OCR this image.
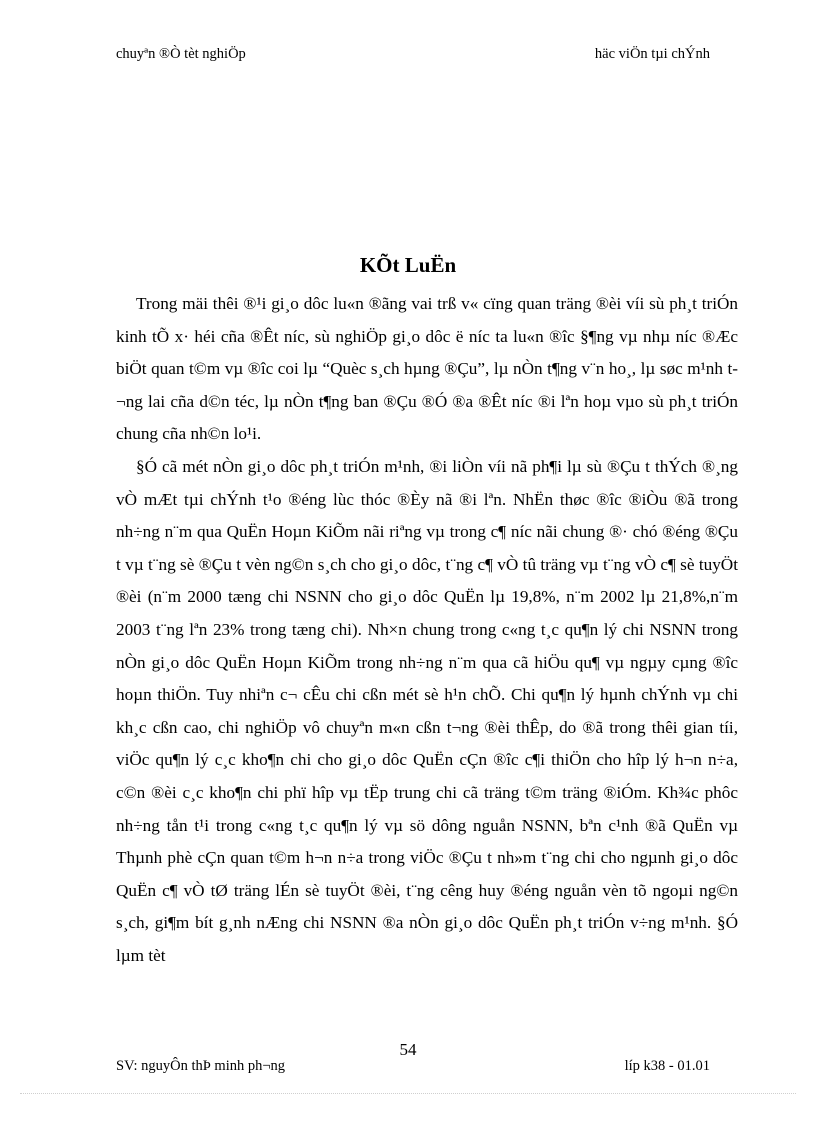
chuyªn ®Ò tèt nghiÖp	häc viÖn tµi chÝnh
KÕt LuËn

Trong mäi thêi ®¹i gi¸o dôc lu«n ®ãng vai trß v« cïng quan träng ®èi víi sù ph¸t triÓn kinh tÕ x· héi cña ®Êt níc, sù nghiÖp gi¸o dôc ë níc ta lu«n ®îc §¶ng vµ nhµ níc ®Æc biÖt quan t©m vµ ®îc coi lµ “Quèc s¸ch hµng ®Çu”, lµ nÒn t¶ng v¨n ho¸, lµ søc m¹nh t¬ng lai cña d©n téc, lµ nÒn t¶ng ban ®Çu ®Ó ®a ®Êt níc ®i lªn hoµ vµo sù ph¸t triÓn chung cña nh©n lo¹i.

§Ó cã mét nÒn gi¸o dôc ph¸t triÓn m¹nh, ®i liÒn víi nã ph¶i lµ sù ®Çu t thÝch ®¸ng vÒ mÆt tµi chÝnh t¹o ®éng lùc thóc ®Èy nã ®i lªn. NhËn thøc ®îc ®iÒu ®ã trong nh÷ng n¨m qua QuËn Hoµn KiÕm nãi riªng vµ trong c¶ níc nãi chung ®· chó ®éng ®Çu t vµ t¨ng sè ®Çu t vèn ng©n s¸ch cho gi¸o dôc, t¨ng c¶ vÒ tû träng vµ t¨ng vÒ c¶ sè tuyÖt ®èi (n¨m 2000 tæng chi NSNN cho gi¸o dôc QuËn lµ 19,8%, n¨m 2002 lµ 21,8%,n¨m 2003 t¨ng lªn 23% trong tæng chi). Nh×n chung trong c«ng t¸c qu¶n lý chi NSNN trong nÒn gi¸o dôc QuËn Hoµn KiÕm trong nh÷ng n¨m qua cã hiÖu qu¶ vµ ngµy cµng ®îc hoµn thiÖn. Tuy nhiªn c¬ cÊu chi cßn mét sè h¹n chÕ. Chi qu¶n lý hµnh chÝnh vµ chi kh¸c cßn cao, chi nghiÖp vô chuyªn m«n cßn t¬ng ®èi thÊp, do ®ã trong thêi gian tíi, viÖc qu¶n lý c¸c kho¶n chi cho gi¸o dôc QuËn cÇn ®îc c¶i thiÖn cho hîp lý h¬n n÷a, c©n ®èi c¸c kho¶n chi phï hîp vµ tËp trung chi cã träng t©m träng ®iÓm. Kh¾c phôc nh÷ng tån t¹i trong c«ng t¸c qu¶n lý vµ sö dông nguån NSNN, bªn c¹nh ®ã QuËn vµ Thµnh phè cÇn quan t©m h¬n n÷a trong viÖc ®Çu t nh»m t¨ng chi cho ngµnh gi¸o dôc QuËn c¶ vÒ tØ träng lÉn sè tuyÖt ®èi, t¨ng cêng huy ®éng nguån vèn tõ ngoµi ng©n s¸ch, gi¶m bít g¸nh nÆng chi NSNN ®a nÒn gi¸o dôc QuËn ph¸t triÓn v÷ng m¹nh. §Ó lµm tèt

54
SV: nguyÔn thÞ minh ph¬ng	líp k38 - 01.01
